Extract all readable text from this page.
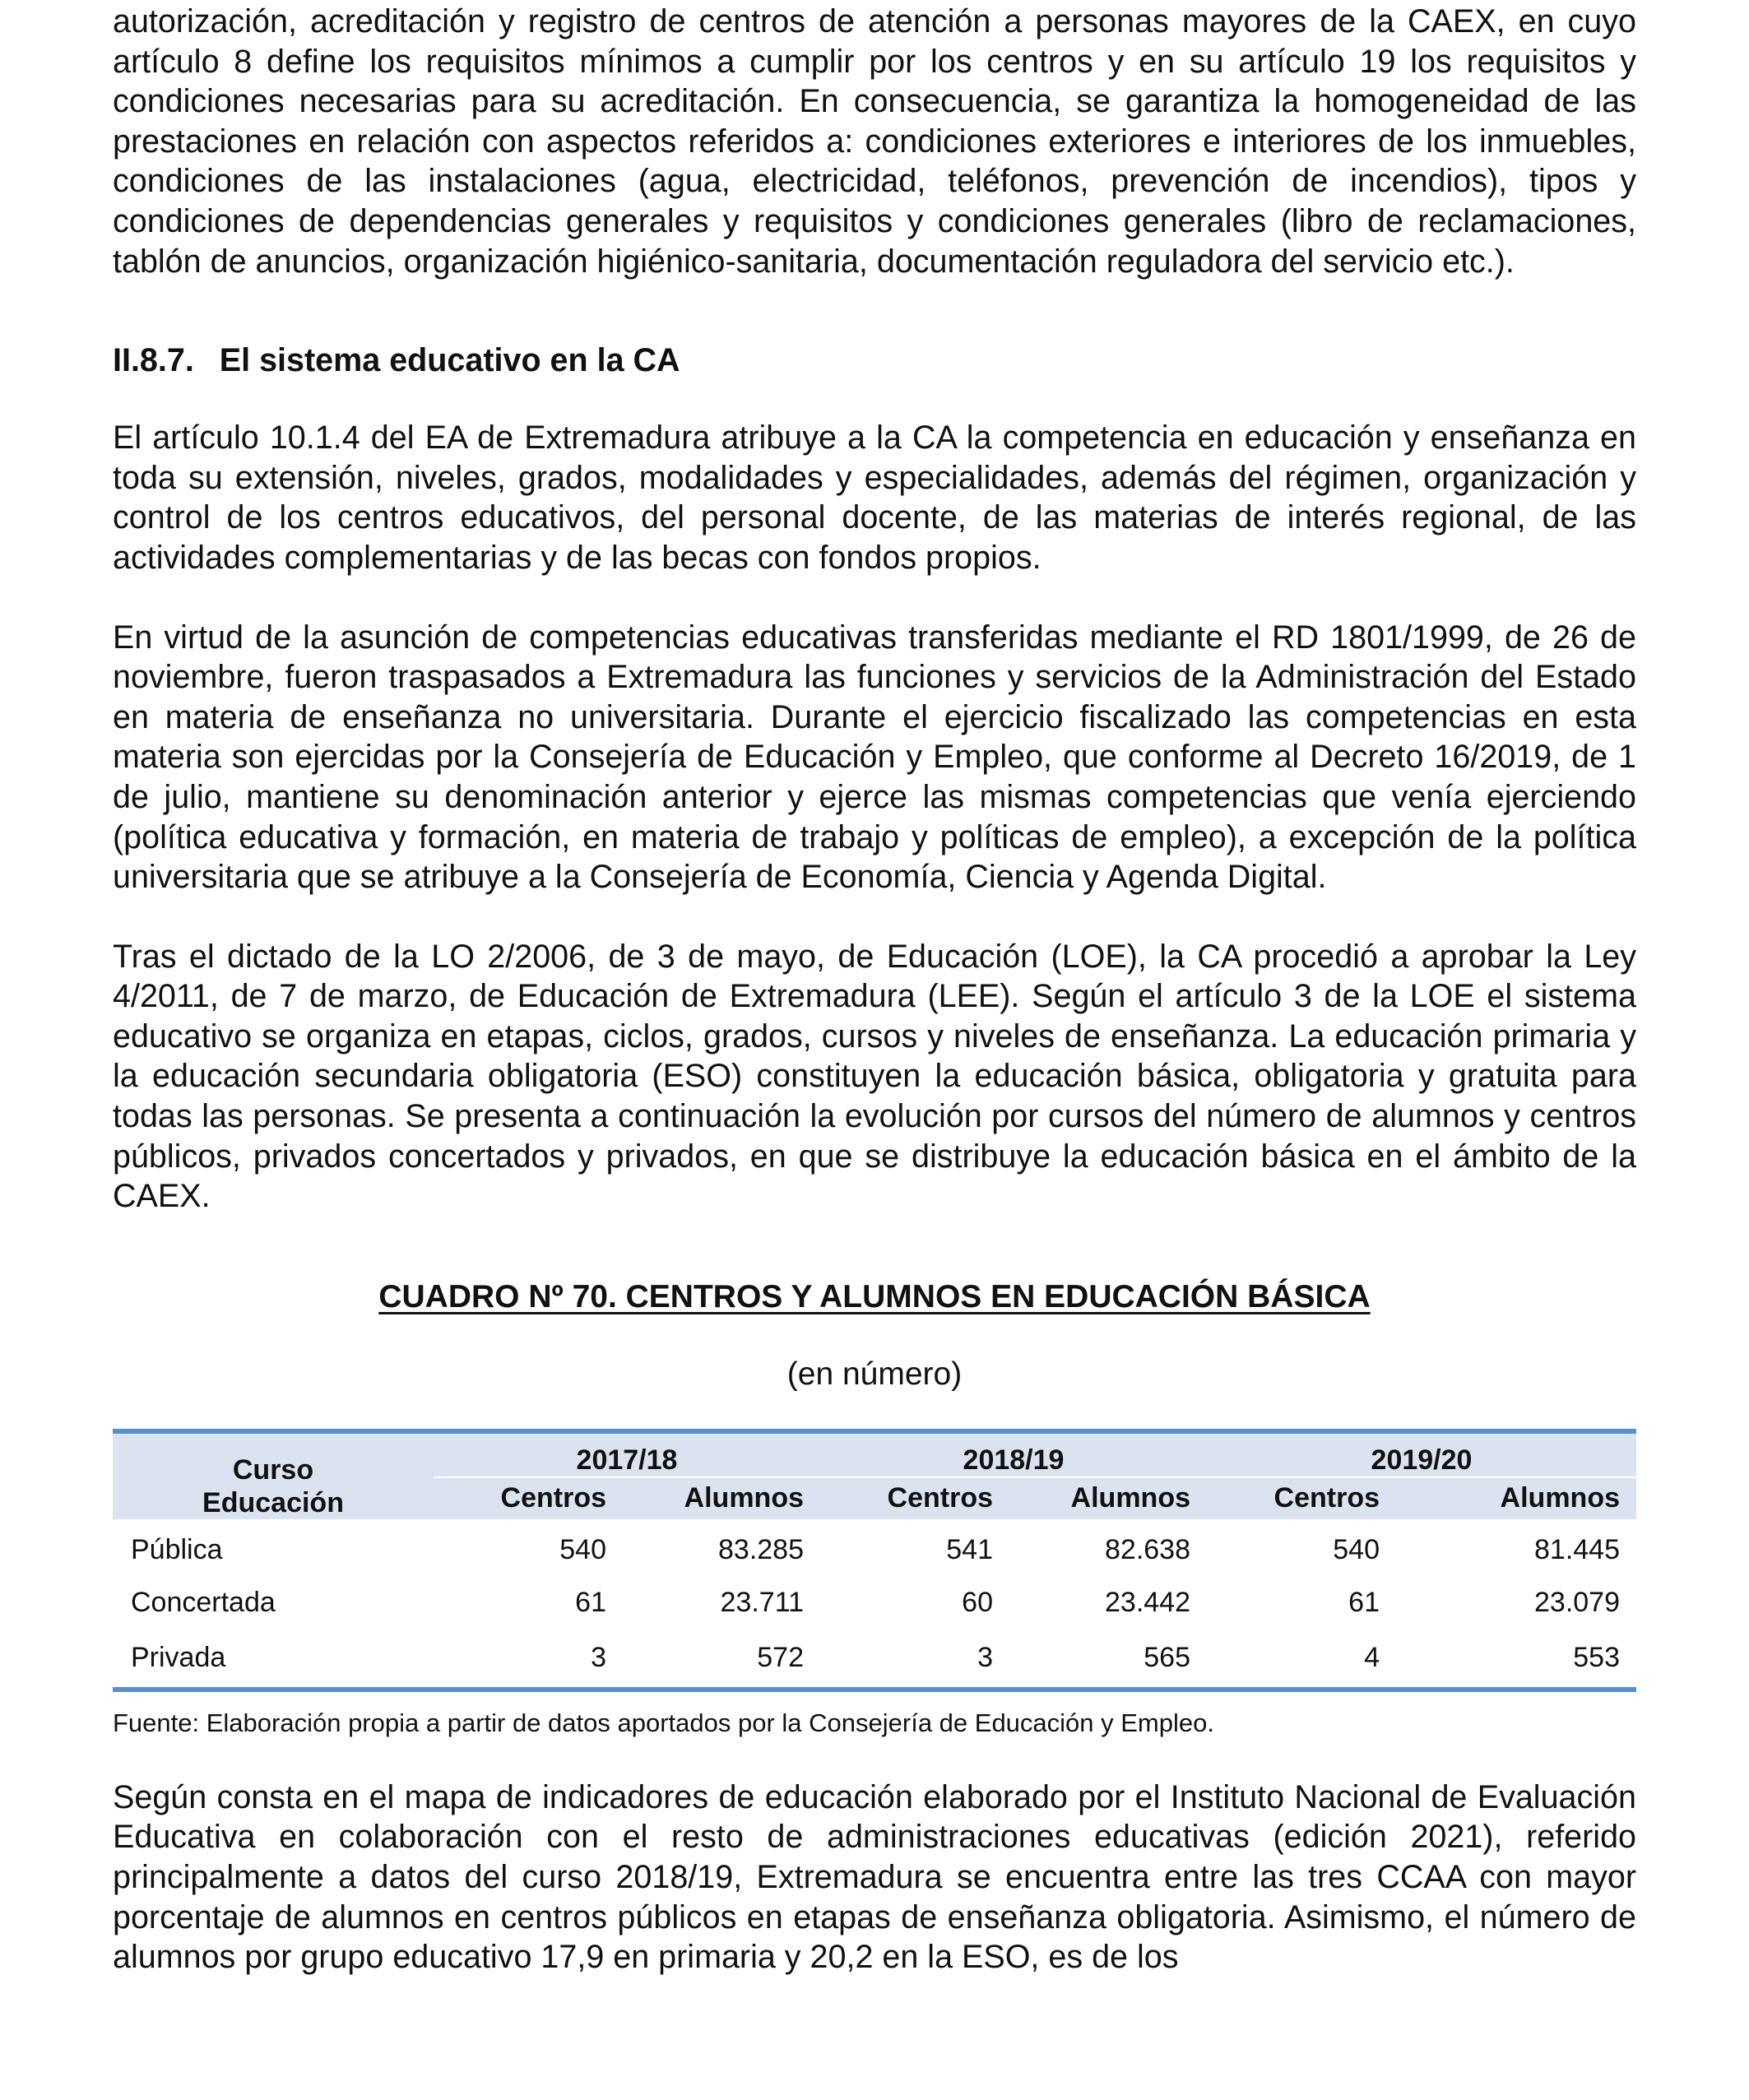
autorización, acreditación y registro de centros de atención a personas mayores de la CAEX, en cuyo artículo 8 define los requisitos mínimos a cumplir por los centros y en su artículo 19 los requisitos y condiciones necesarias para su acreditación. En consecuencia, se garantiza la homogeneidad de las prestaciones en relación con aspectos referidos a: condiciones exteriores e interiores de los inmuebles, condiciones de las instalaciones (agua, electricidad, teléfonos, prevención de incendios), tipos y condiciones de dependencias generales y requisitos y condiciones generales (libro de reclamaciones, tablón de anuncios, organización higiénico-sanitaria, documentación reguladora del servicio etc.).

II.8.7. El sistema educativo en la CA

El artículo 10.1.4 del EA de Extremadura atribuye a la CA la competencia en educación y enseñanza en toda su extensión, niveles, grados, modalidades y especialidades, además del régimen, organización y control de los centros educativos, del personal docente, de las materias de interés regional, de las actividades complementarias y de las becas con fondos propios.

En virtud de la asunción de competencias educativas transferidas mediante el RD 1801/1999, de 26 de noviembre, fueron traspasados a Extremadura las funciones y servicios de la Administración del Estado en materia de enseñanza no universitaria. Durante el ejercicio fiscalizado las competencias en esta materia son ejercidas por la Consejería de Educación y Empleo, que conforme al Decreto 16/2019, de 1 de julio, mantiene su denominación anterior y ejerce las mismas competencias que venía ejerciendo (política educativa y formación, en materia de trabajo y políticas de empleo), a excepción de la política universitaria que se atribuye a la Consejería de Economía, Ciencia y Agenda Digital.

Tras el dictado de la LO 2/2006, de 3 de mayo, de Educación (LOE), la CA procedió a aprobar la Ley 4/2011, de 7 de marzo, de Educación de Extremadura (LEE). Según el artículo 3 de la LOE el sistema educativo se organiza en etapas, ciclos, grados, cursos y niveles de enseñanza. La educación primaria y la educación secundaria obligatoria (ESO) constituyen la educación básica, obligatoria y gratuita para todas las personas. Se presenta a continuación la evolución por cursos del número de alumnos y centros públicos, privados concertados y privados, en que se distribuye la educación básica en el ámbito de la CAEX.

CUADRO Nº 70. CENTROS Y ALUMNOS EN EDUCACIÓN BÁSICA
(en número)
Curso
Educación	2017/18		2018/19		2019/20	
	Centros	Alumnos	Centros	Alumnos	Centros	Alumnos
Pública	540	83.285	541	82.638	540	81.445
Concertada	61	23.711	60	23.442	61	23.079
Privada	3	572	3	565	4	553
Fuente: Elaboración propia a partir de datos aportados por la Consejería de Educación y Empleo.

Según consta en el mapa de indicadores de educación elaborado por el Instituto Nacional de Evaluación Educativa en colaboración con el resto de administraciones educativas (edición 2021), referido principalmente a datos del curso 2018/19, Extremadura se encuentra entre las tres CCAA con mayor porcentaje de alumnos en centros públicos en etapas de enseñanza obligatoria. Asimismo, el número de alumnos por grupo educativo 17,9 en primaria y 20,2 en la ESO, es de los
